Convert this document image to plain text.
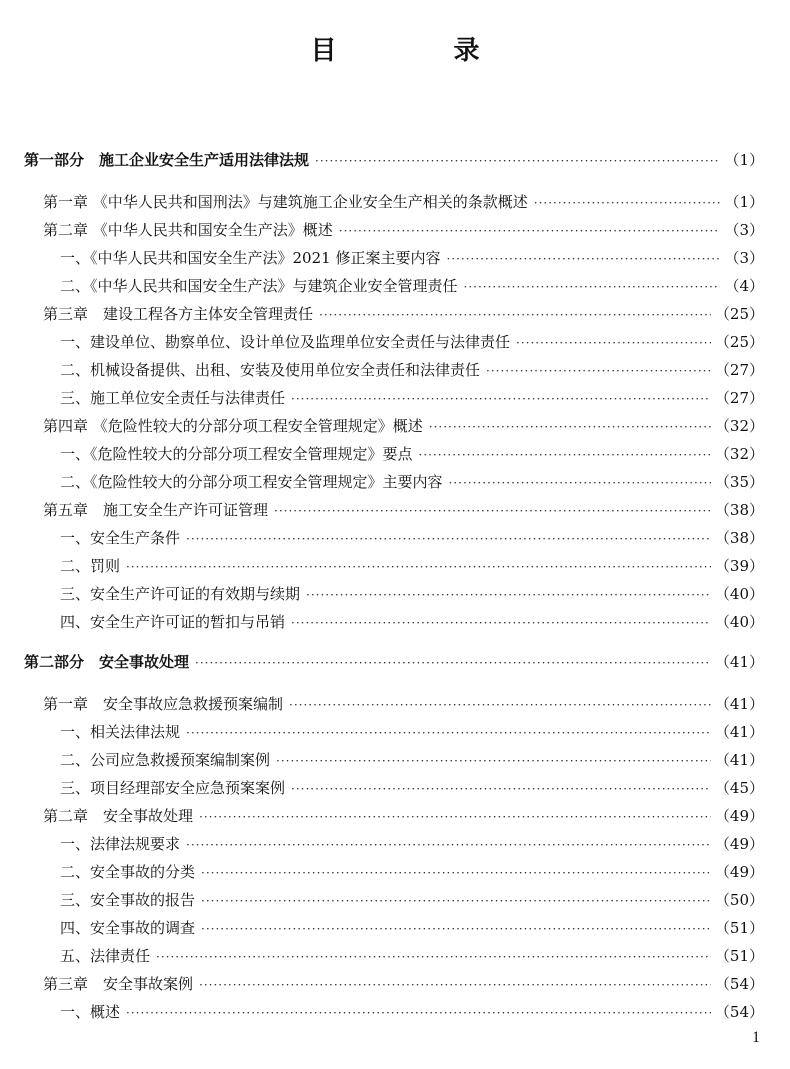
目 录
第一部分　施工企业安全生产适用法律法规 ·····	（1）
第一章 《中华人民共和国刑法》与建筑施工企业安全生产相关的条款概述 ·····	（1）
第二章 《中华人民共和国安全生产法》概述 ·····	（3）
一、《中华人民共和国安全生产法》2021 修正案主要内容 ·····	（3）
二、《中华人民共和国安全生产法》与建筑企业安全管理责任 ·····	（4）
第三章　建设工程各方主体安全管理责任 ·····	（25）
一、建设单位、勘察单位、设计单位及监理单位安全责任与法律责任 ·····	（25）
二、机械设备提供、出租、安装及使用单位安全责任和法律责任 ·····	（27）
三、施工单位安全责任与法律责任 ·····	（27）
第四章 《危险性较大的分部分项工程安全管理规定》概述 ·····	（32）
一、《危险性较大的分部分项工程安全管理规定》要点 ·····	（32）
二、《危险性较大的分部分项工程安全管理规定》主要内容 ·····	（35）
第五章　施工安全生产许可证管理 ·····	（38）
一、安全生产条件 ·····	（38）
二、罚则 ·····	（39）
三、安全生产许可证的有效期与续期 ·····	（40）
四、安全生产许可证的暂扣与吊销 ·····	（40）
第二部分　安全事故处理 ·····	（41）
第一章　安全事故应急救援预案编制 ·····	（41）
一、相关法律法规 ·····	（41）
二、公司应急救援预案编制案例 ·····	（41）
三、项目经理部安全应急预案案例 ·····	（45）
第二章　安全事故处理 ·····	（49）
一、法律法规要求 ·····	（49）
二、安全事故的分类 ·····	（49）
三、安全事故的报告 ·····	（50）
四、安全事故的调查 ·····	（51）
五、法律责任 ·····	（51）
第三章　安全事故案例 ·····	（54）
一、概述 ·····	（54）
1
